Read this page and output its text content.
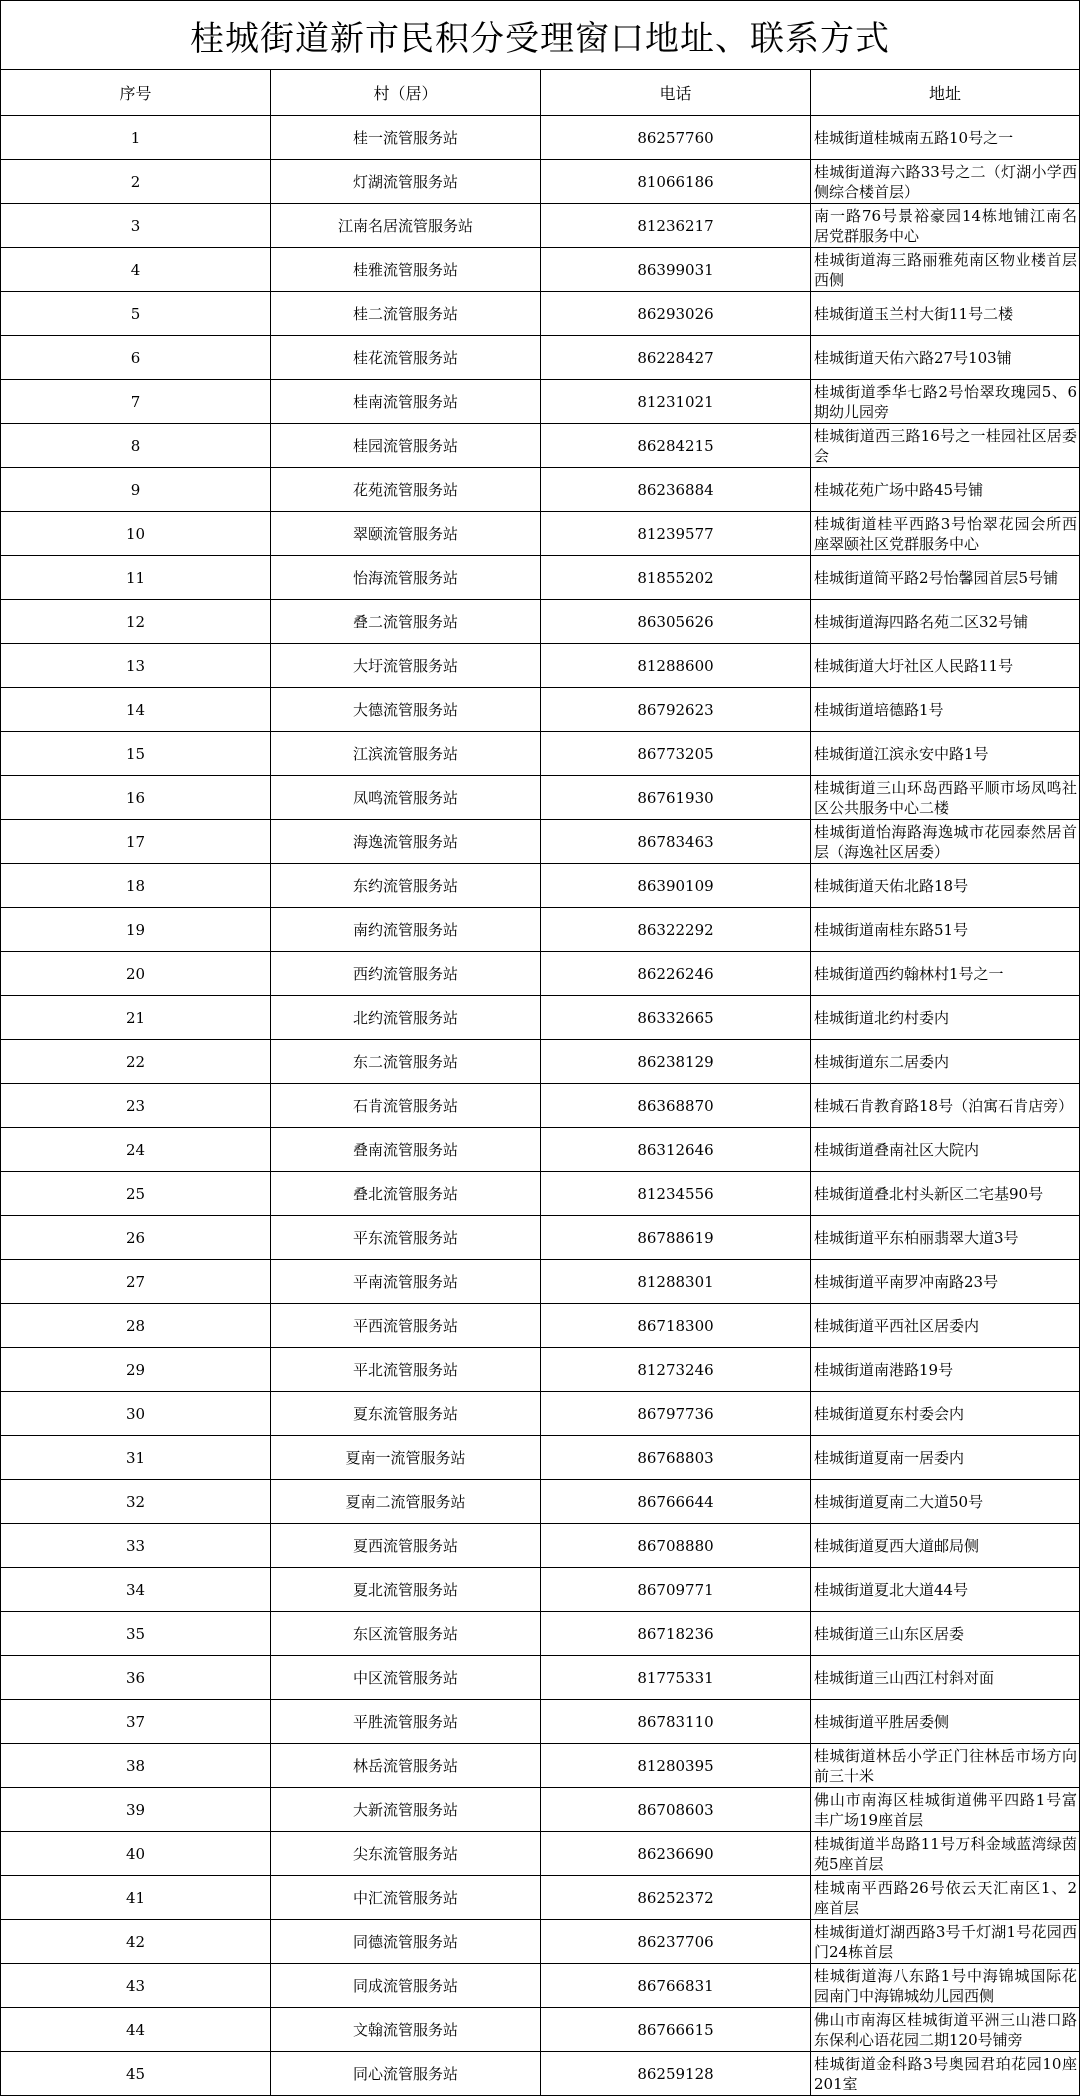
桂城街道新市民积分受理窗口地址、联系方式
序号	村（居）	电话	地址
1	桂一流管服务站	86257760	桂城街道桂城南五路10号之一
2	灯湖流管服务站	81066186	桂城街道海六路33号之二（灯湖小学西侧综合楼首层）
3	江南名居流管服务站	81236217	南一路76号景裕豪园14栋地铺江南名居党群服务中心
4	桂雅流管服务站	86399031	桂城街道海三路丽雅苑南区物业楼首层西侧
5	桂二流管服务站	86293026	桂城街道玉兰村大街11号二楼
6	桂花流管服务站	86228427	桂城街道天佑六路27号103铺
7	桂南流管服务站	81231021	桂城街道季华七路2号怡翠玫瑰园5、6期幼儿园旁
8	桂园流管服务站	86284215	桂城街道西三路16号之一桂园社区居委会
9	花苑流管服务站	86236884	桂城花苑广场中路45号铺
10	翠颐流管服务站	81239577	桂城街道桂平西路3号怡翠花园会所西座翠颐社区党群服务中心
11	怡海流管服务站	81855202	桂城街道简平路2号怡馨园首层5号铺
12	叠二流管服务站	86305626	桂城街道海四路名苑二区32号铺
13	大圩流管服务站	81288600	桂城街道大圩社区人民路11号
14	大德流管服务站	86792623	桂城街道培德路1号
15	江滨流管服务站	86773205	桂城街道江滨永安中路1号
16	凤鸣流管服务站	86761930	桂城街道三山环岛西路平顺市场凤鸣社区公共服务中心二楼
17	海逸流管服务站	86783463	桂城街道怡海路海逸城市花园泰然居首层（海逸社区居委）
18	东约流管服务站	86390109	桂城街道天佑北路18号
19	南约流管服务站	86322292	桂城街道南桂东路51号
20	西约流管服务站	86226246	桂城街道西约翰林村1号之一
21	北约流管服务站	86332665	桂城街道北约村委内
22	东二流管服务站	86238129	桂城街道东二居委内
23	石肯流管服务站	86368870	桂城石肯教育路18号（泊寓石肯店旁）
24	叠南流管服务站	86312646	桂城街道叠南社区大院内
25	叠北流管服务站	81234556	桂城街道叠北村头新区二宅基90号
26	平东流管服务站	86788619	桂城街道平东柏丽翡翠大道3号
27	平南流管服务站	81288301	桂城街道平南罗冲南路23号
28	平西流管服务站	86718300	桂城街道平西社区居委内
29	平北流管服务站	81273246	桂城街道南港路19号
30	夏东流管服务站	86797736	桂城街道夏东村委会内
31	夏南一流管服务站	86768803	桂城街道夏南一居委内
32	夏南二流管服务站	86766644	桂城街道夏南二大道50号
33	夏西流管服务站	86708880	桂城街道夏西大道邮局侧
34	夏北流管服务站	86709771	桂城街道夏北大道44号
35	东区流管服务站	86718236	桂城街道三山东区居委
36	中区流管服务站	81775331	桂城街道三山西江村斜对面
37	平胜流管服务站	86783110	桂城街道平胜居委侧
38	林岳流管服务站	81280395	桂城街道林岳小学正门往林岳市场方向前三十米
39	大新流管服务站	86708603	佛山市南海区桂城街道佛平四路1号富丰广场19座首层
40	尖东流管服务站	86236690	桂城街道半岛路11号万科金域蓝湾绿茵苑5座首层
41	中汇流管服务站	86252372	桂城南平西路26号依云天汇南区1、2座首层
42	同德流管服务站	86237706	桂城街道灯湖西路3号千灯湖1号花园西门24栋首层
43	同成流管服务站	86766831	桂城街道海八东路1号中海锦城国际花园南门中海锦城幼儿园西侧
44	文翰流管服务站	86766615	佛山市南海区桂城街道平洲三山港口路东保利心语花园二期120号铺旁
45	同心流管服务站	86259128	桂城街道金科路3号奥园君珀花园10座201室
